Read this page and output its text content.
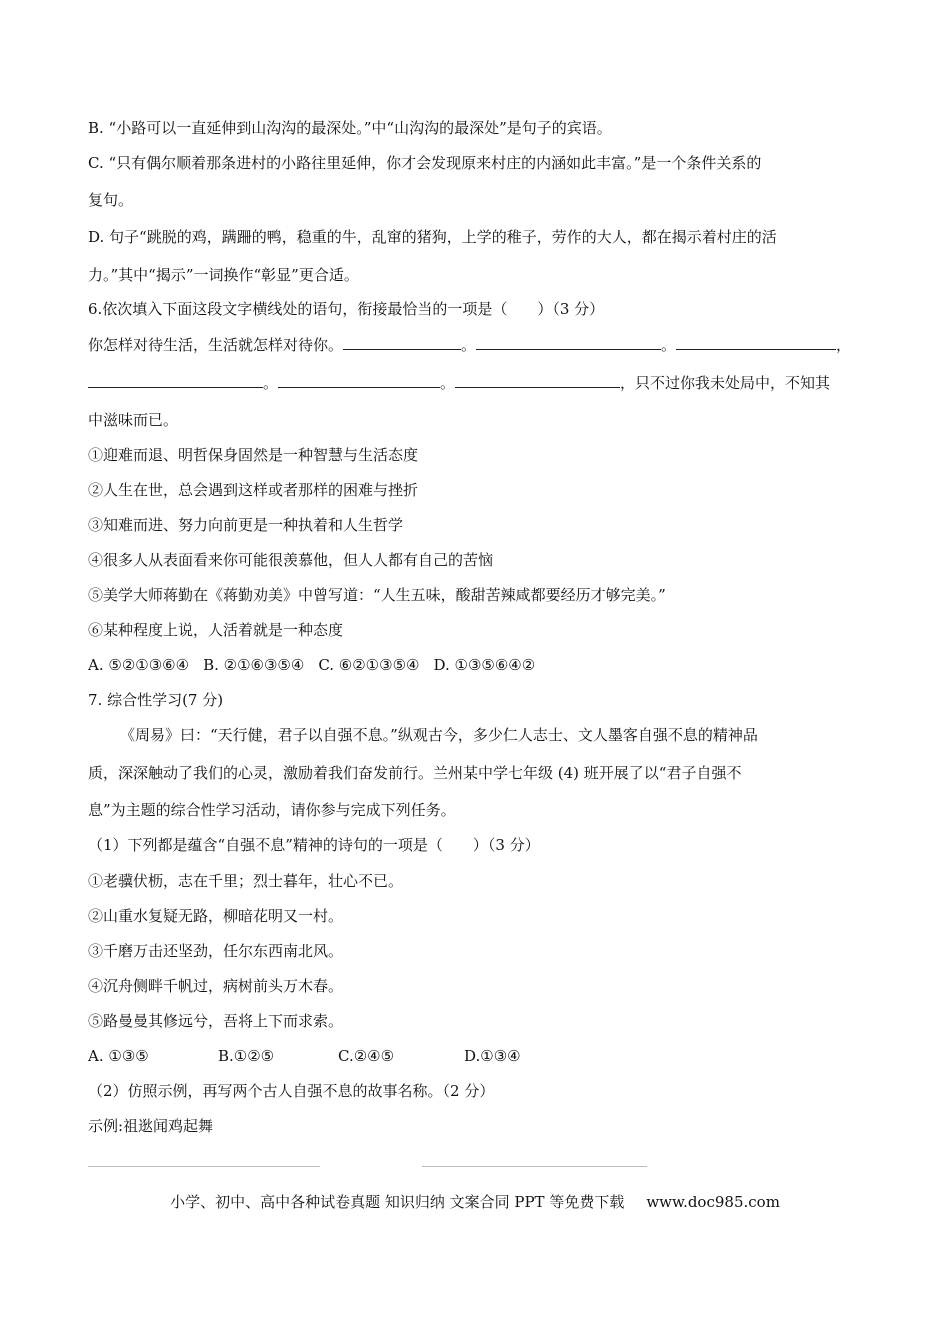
B. “小路可以一直延伸到山沟沟的最深处。”中“山沟沟的最深处”是句子的宾语。
C. “只有偶尔顺着那条进村的小路往里延伸，你才会发现原来村庄的内涵如此丰富。”是一个条件关系的
复句。
D. 句子“跳脱的鸡，蹒跚的鸭，稳重的牛，乱窜的猪狗，上学的稚子，劳作的大人，都在揭示着村庄的活
力。”其中“揭示”一词换作“彰显”更合适。
6.依次填入下面这段文字横线处的语句，衔接最恰当的一项是（　　）（3 分）
你怎样对待生活，生活就怎样对待你。	。	。	，
。	。	，只不过你我未处局中，不知其
中滋味而已。
①迎难而退、明哲保身固然是一种智慧与生活态度
②人生在世，总会遇到这样或者那样的困难与挫折
③知难而进、努力向前更是一种执着和人生哲学
④很多人从表面看来你可能很羡慕他，但人人都有自己的苦恼
⑤美学大师蒋勤在《蒋勤劝美》中曾写道：“人生五味，酸甜苦辣咸都要经历才够完美。”
⑥某种程度上说，人活着就是一种态度
A. ⑤②①③⑥④ B. ②①⑥③⑤④ C. ⑥②①③⑤④ D. ①③⑤⑥④②
7. 综合性学习(7 分)
《周易》曰：“天行健，君子以自强不息。”纵观古今，多少仁人志士、文人墨客自强不息的精神品
质，深深触动了我们的心灵，激励着我们奋发前行。兰州某中学七年级 (4) 班开展了以“君子自强不
息”为主题的综合性学习活动，请你参与完成下列任务。
（1）下列都是蕴含“自强不息”精神的诗句的一项是（　　）（3 分）
①老骥伏枥，志在千里；烈士暮年，壮心不已。
②山重水复疑无路，柳暗花明又一村。
③千磨万击还坚劲，任尔东西南北风。
④沉舟侧畔千帆过，病树前头万木春。
⑤路曼曼其修远兮，吾将上下而求索。
A. ①③⑤	B.①②⑤	C.②④⑤	D.①③④
（2）仿照示例，再写两个古人自强不息的故事名称。（2 分）
示例:祖逖闻鸡起舞
小学、初中、高中各种试卷真题 知识归纳 文案合同 PPT 等免费下载 www.doc985.com
